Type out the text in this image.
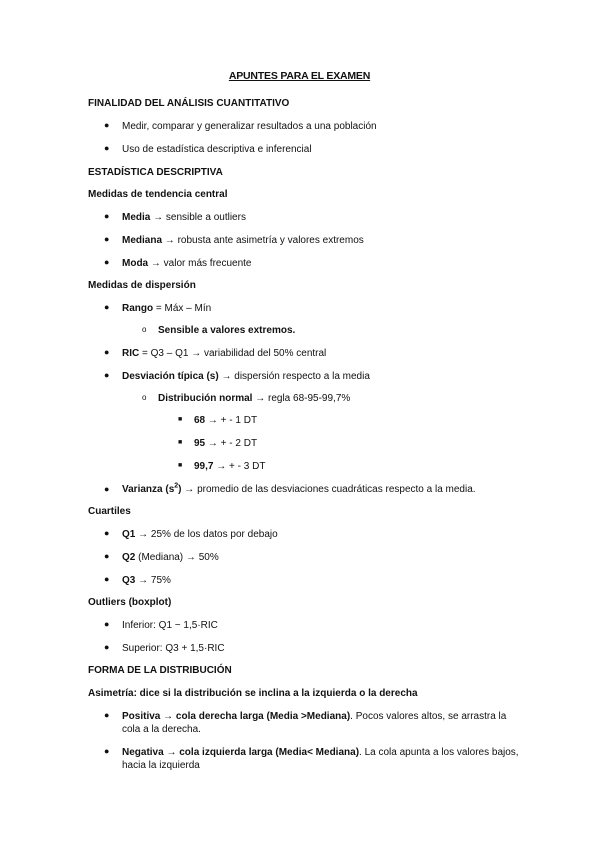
APUNTES PARA EL EXAMEN
FINALIDAD DEL ANÁLISIS CUANTITATIVO
● Medir, comparar y generalizar resultados a una población
● Uso de estadística descriptiva e inferencial
ESTADÍSTICA DESCRIPTIVA
Medidas de tendencia central
● Media → sensible a outliers
● Mediana → robusta ante asimetría y valores extremos
● Moda → valor más frecuente
Medidas de dispersión
● Rango = Máx – Mín
o Sensible a valores extremos.
● RIC = Q3 – Q1 → variabilidad del 50% central
● Desviación típica (s) → dispersión respecto a la media
o Distribución normal → regla 68-95-99,7%
■ 68 → + - 1 DT
■ 95 → + - 2 DT
■ 99,7 → + - 3 DT
● Varianza $(s^2)$ → promedio de las desviaciones cuadráticas respecto a la media.
Cuartiles
● Q1 → 25% de los datos por debajo
● Q2 (Mediana) → 50%
● Q3 → 75%
Outliers (boxplot)
● Inferior: Q1 − 1,5·RIC
● Superior: Q3 + 1,5·RIC
FORMA DE LA DISTRIBUCIÓN
Asimetría: dice si la distribución se inclina a la izquierda o la derecha
● Positiva → cola derecha larga (Media >Mediana). Pocos valores altos, se arrastra la cola a la derecha.
● Negativa → cola izquierda larga (Media< Mediana). La cola apunta a los valores bajos, hacia la izquierda
